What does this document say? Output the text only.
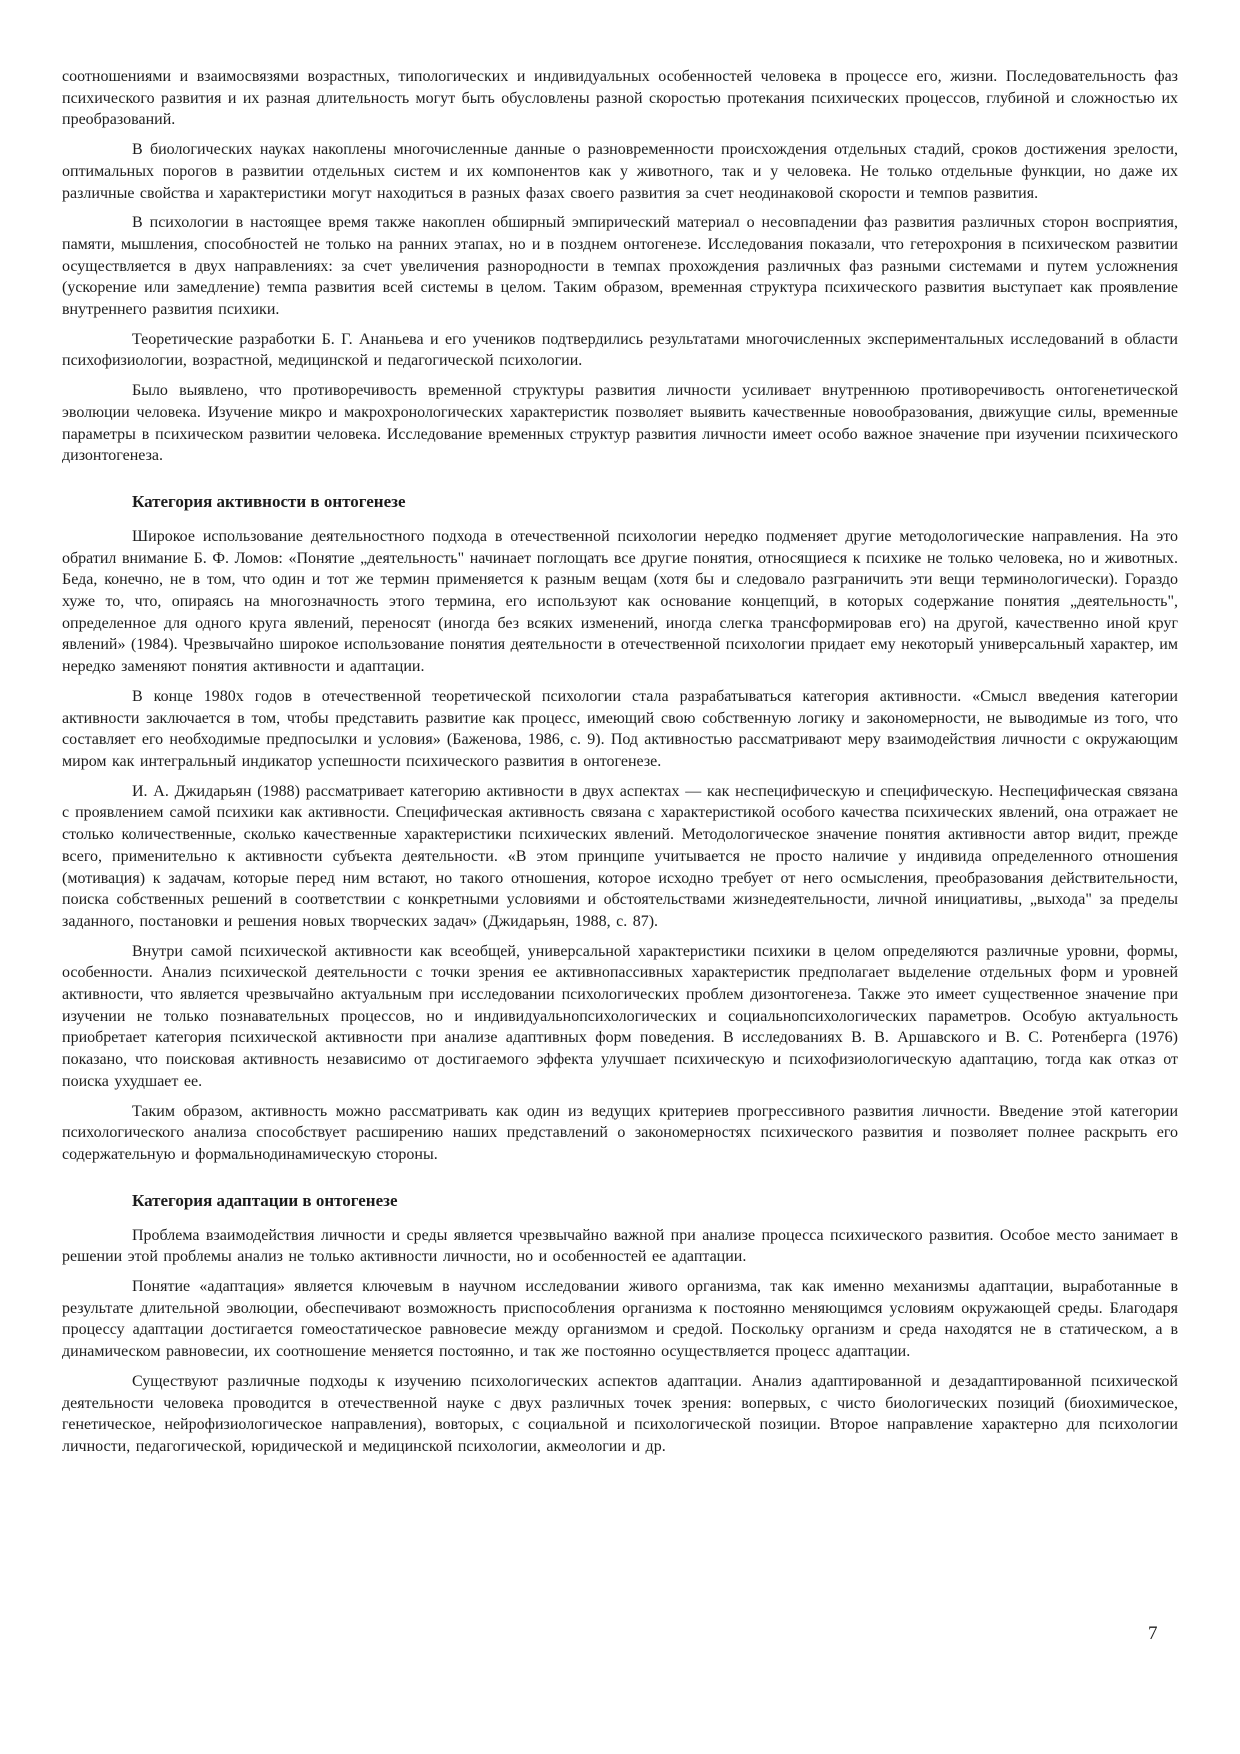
соотношениями и взаимосвязями возрастных, типологических и индивидуальных особенностей человека в процессе его, жизни. Последовательность фаз психического развития и их разная длительность могут быть обусловлены разной скоростью протекания психических процессов, глубиной и сложностью их преобразований.

В биологических науках накоплены многочисленные данные о разновременности происхождения отдельных стадий, сроков достижения зрелости, оптимальных порогов в развитии отдельных систем и их компонентов как у животного, так и у человека. Не только отдельные функции, но даже их различные свойства и характеристики могут находиться в разных фазах своего развития за счет неодинаковой скорости и темпов развития.

В психологии в настоящее время также накоплен обширный эмпирический материал о несовпадении фаз развития различных сторон восприятия, памяти, мышления, способностей не только на ранних этапах, но и в позднем онтогенезе. Исследования показали, что гетерохрония в психическом развитии осуществляется в двух направлениях: за счет увеличения разнородности в темпах прохождения различных фаз разными системами и путем усложнения (ускорение или замедление) темпа развития всей системы в целом. Таким образом, временная структура психического развития выступает как проявление внутреннего развития психики.

Теоретические разработки Б. Г. Ананьева и его учеников подтвердились результатами многочисленных экспериментальных исследований в области психофизиологии, возрастной, медицинской и педагогической психологии.

Было выявлено, что противоречивость временной структуры развития личности усиливает внутреннюю противоречивость онтогенетической эволюции человека. Изучение микро и макрохронологических характеристик позволяет выявить качественные новообразования, движущие силы, временные параметры в психическом развитии человека. Исследование временных структур развития личности имеет особо важное значение при изучении психического дизонтогенеза.

Категория активности в онтогенезе

Широкое использование деятельностного подхода в отечественной психологии нередко подменяет другие методологические направления. На это обратил внимание Б. Ф. Ломов: «Понятие „деятельность" начинает поглощать все другие понятия, относящиеся к психике не только человека, но и животных. Беда, конечно, не в том, что один и тот же термин применяется к разным вещам (хотя бы и следовало разграничить эти вещи терминологически). Гораздо хуже то, что, опираясь на многозначность этого термина, его используют как основание концепций, в которых содержание понятия „деятельность", определенное для одного круга явлений, переносят (иногда без всяких изменений, иногда слегка трансформировав его) на другой, качественно иной круг явлений» (1984). Чрезвычайно широкое использование понятия деятельности в отечественной психологии придает ему некоторый универсальный характер, им нередко заменяют понятия активности и адаптации.

В конце 1980х годов в отечественной теоретической психологии стала разрабатываться категория активности. «Смысл введения категории активности заключается в том, чтобы представить развитие как процесс, имеющий свою собственную логику и закономерности, не выводимые из того, что составляет его необходимые предпосылки и условия» (Баженова, 1986, с. 9). Под активностью рассматривают меру взаимодействия личности с окружающим миром как интегральный индикатор успешности психического развития в онтогенезе.

И. А. Джидарьян (1988) рассматривает категорию активности в двух аспектах — как неспецифическую и специфическую. Неспецифическая связана с проявлением самой психики как активности. Специфическая активность связана с характеристикой особого качества психических явлений, она отражает не столько количественные, сколько качественные характеристики психических явлений. Методологическое значение понятия активности автор видит, прежде всего, применительно к активности субъекта деятельности. «В этом принципе учитывается не просто наличие у индивида определенного отношения (мотивация) к задачам, которые перед ним встают, но такого отношения, которое исходно требует от него осмысления, преобразования действительности, поиска собственных решений в соответствии с конкретными условиями и обстоятельствами жизнедеятельности, личной инициативы, „выхода" за пределы заданного, постановки и решения новых творческих задач» (Джидарьян, 1988, с. 87).

Внутри самой психической активности как всеобщей, универсальной характеристики психики в целом определяются различные уровни, формы, особенности. Анализ психической деятельности с точки зрения ее активнопассивных характеристик предполагает выделение отдельных форм и уровней активности, что является чрезвычайно актуальным при исследовании психологических проблем дизонтогенеза. Также это имеет существенное значение при изучении не только познавательных процессов, но и индивидуальнопсихологических и социальнопсихологических параметров. Особую актуальность приобретает категория психической активности при анализе адаптивных форм поведения. В исследованиях В. В. Аршавского и В. С. Ротенберга (1976) показано, что поисковая активность независимо от достигаемого эффекта улучшает психическую и психофизиологическую адаптацию, тогда как отказ от поиска ухудшает ее.

Таким образом, активность можно рассматривать как один из ведущих критериев прогрессивного развития личности. Введение этой категории психологического анализа способствует расширению наших представлений о закономерностях психического развития и позволяет полнее раскрыть его содержательную и формальнодинамическую стороны.

Категория адаптации в онтогенезе

Проблема взаимодействия личности и среды является чрезвычайно важной при анализе процесса психического развития. Особое место занимает в решении этой проблемы анализ не только активности личности, но и особенностей ее адаптации.

Понятие «адаптация» является ключевым в научном исследовании живого организма, так как именно механизмы адаптации, выработанные в результате длительной эволюции, обеспечивают возможность приспособления организма к постоянно меняющимся условиям окружающей среды. Благодаря процессу адаптации достигается гомеостатическое равновесие между организмом и средой. Поскольку организм и среда находятся не в статическом, а в динамическом равновесии, их соотношение меняется постоянно, и так же постоянно осуществляется процесс адаптации.

Существуют различные подходы к изучению психологических аспектов адаптации. Анализ адаптированной и дезадаптированной психической деятельности человека проводится в отечественной науке с двух различных точек зрения: вопервых, с чисто биологических позиций (биохимическое, генетическое, нейрофизиологическое направления), вовторых, с социальной и психологической позиции. Второе направление характерно для психологии личности, педагогической, юридической и медицинской психологии, акмеологии и др.

7
